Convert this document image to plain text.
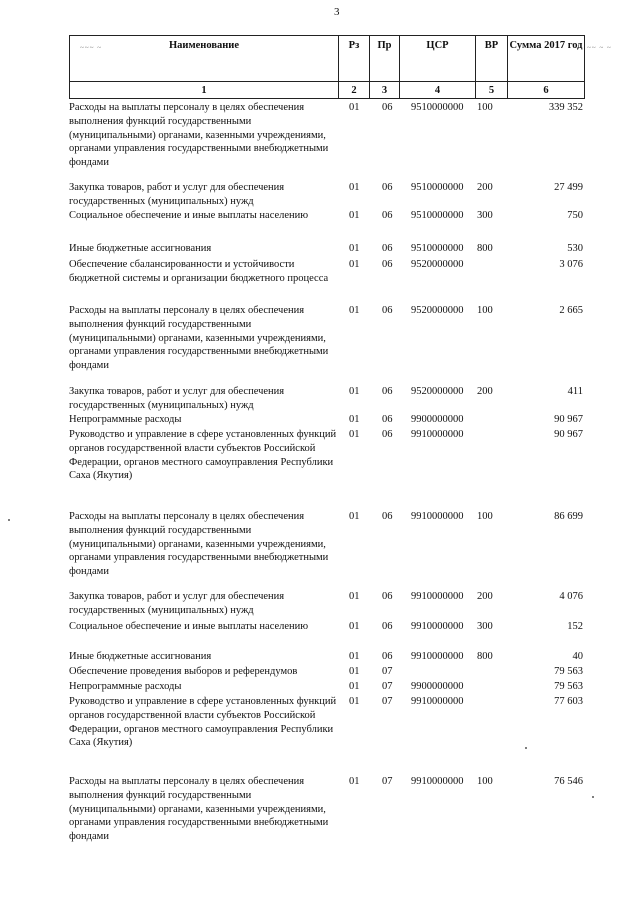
3
~~~ ~	~~ ~ ~
Наименование	Рз	Пр	ЦСР	ВР	Сумма 2017 год
1	2	3	4	5	6
Расходы на выплаты персоналу в целях обеспечения выполнения функций государственными (муниципальными) органами, казенными учреждениями, органами управления государственными внебюджетными фондами
01 06 9510000000 100	339 352
Закупка товаров, работ и услуг для обеспечения государственных (муниципальных) нужд
01 06 9510000000 200	27 499
Социальное обеспечение и иные выплаты населению	01 06 9510000000 300	750
Иные бюджетные ассигнования	01 06 9510000000 800	530
Обеспечение сбалансированности и устойчивости бюджетной системы и организации бюджетного процесса
01 06 9520000000	3 076
Расходы на выплаты персоналу в целях обеспечения выполнения функций государственными (муниципальными) органами, казенными учреждениями, органами управления государственными внебюджетными фондами
01 06 9520000000 100	2 665
Закупка товаров, работ и услуг для обеспечения государственных (муниципальных) нужд
01 06 9520000000 200	411
Непрограммные расходы	01 06 9900000000	90 967
Руководство и управление в сфере установленных функций органов государственной власти субъектов Российской Федерации, органов местного самоуправления Республики Саха (Якутия)
01 06 9910000000	90 967
Расходы на выплаты персоналу в целях обеспечения выполнения функций государственными (муниципальными) органами, казенными учреждениями, органами управления государственными внебюджетными фондами
01 06 9910000000 100	86 699
Закупка товаров, работ и услуг для обеспечения государственных (муниципальных) нужд
01 06 9910000000 200	4 076
Социальное обеспечение и иные выплаты населению	01 06 9910000000 300	152
Иные бюджетные ассигнования	01 06 9910000000 800	40
Обеспечение проведения выборов и референдумов	01 07	79 563
Непрограммные расходы	01 07 9900000000	79 563
Руководство и управление в сфере установленных функций органов государственной власти субъектов Российской Федерации, органов местного самоуправления Республики Саха (Якутия)
01 07 9910000000	77 603
Расходы на выплаты персоналу в целях обеспечения выполнения функций государственными (муниципальными) органами, казенными учреждениями, органами управления государственными внебюджетными фондами
01 07 9910000000 100	76 546
